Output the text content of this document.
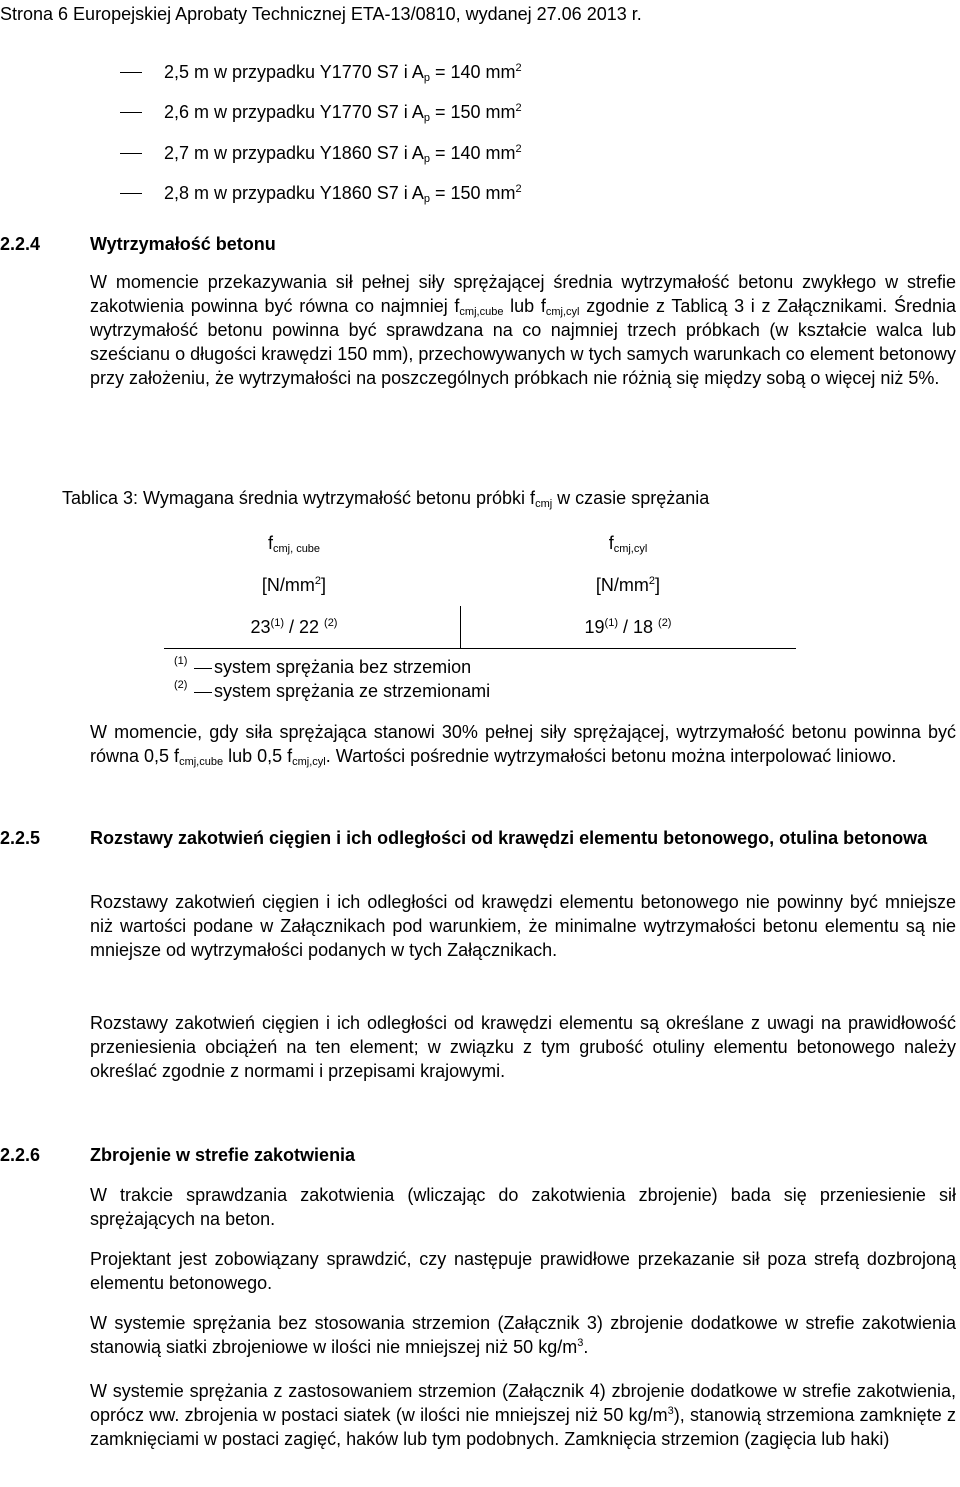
Strona 6 Europejskiej Aprobaty Technicznej ETA-13/0810, wydanej 27.06 2013 r.
2,5 m w przypadku Y1770 S7 i $A_p = 140$ $mm^2$
2,6 m w przypadku Y1770 S7 i $A_p = 150$ $mm^2$
2,7 m w przypadku Y1860 S7 i $A_p = 140$ $mm^2$
2,8 m w przypadku Y1860 S7 i $A_p = 150$ $mm^2$
2.2.4	Wytrzymałość betonu
W momencie przekazywania sił pełnej siły sprężającej średnia wytrzymałość betonu zwykłego w strefie zakotwienia powinna być równa co najmniej $f_{cmj,cube}$ lub $f_{cmj,cyl}$ zgodnie z Tablicą 3 i z Załącznikami. Średnia wytrzymałość betonu powinna być sprawdzana na co najmniej trzech próbkach (w kształcie walca lub sześcianu o długości krawędzi 150 mm), przechowywanych w tych samych warunkach co element betonowy przy założeniu, że wytrzymałości na poszczególnych próbkach nie różnią się między sobą o więcej niż 5%.
Tablica 3: Wymagana średnia wytrzymałość betonu próbki $f_{cmj}$ w czasie sprężania
$f_{cmj, cube}$	$f_{cmj,cyl}$
$[N/mm^2]$	$[N/mm^2]$
23$^{(1)}$ / 22 $^{(2)}$	19$^{(1)}$ / 18 $^{(2)}$
(1) system sprężania bez strzemion
(2) system sprężania ze strzemionami
W momencie, gdy siła sprężająca stanowi 30% pełnej siły sprężającej, wytrzymałość betonu powinna być równa 0,5 $f_{cmj,cube}$ lub 0,5 $f_{cmj,cyl}$. Wartości pośrednie wytrzymałości betonu można interpolować liniowo.
2.2.5	Rozstawy zakotwień cięgien i ich odległości od krawędzi elementu betonowego, otulina betonowa
Rozstawy zakotwień cięgien i ich odległości od krawędzi elementu betonowego nie powinny być mniejsze niż wartości podane w Załącznikach pod warunkiem, że minimalne wytrzymałości betonu elementu są nie mniejsze od wytrzymałości podanych w tych Załącznikach.
Rozstawy zakotwień cięgien i ich odległości od krawędzi elementu są określane z uwagi na prawidłowość przeniesienia obciążeń na ten element; w związku z tym grubość otuliny elementu betonowego należy określać zgodnie z normami i przepisami krajowymi.
2.2.6	Zbrojenie w strefie zakotwienia
W trakcie sprawdzania zakotwienia (wliczając do zakotwienia zbrojenie) bada się przeniesienie sił sprężających na beton.
Projektant jest zobowiązany sprawdzić, czy następuje prawidłowe przekazanie sił poza strefą dozbrojoną elementu betonowego.
W systemie sprężania bez stosowania strzemion (Załącznik 3) zbrojenie dodatkowe w strefie zakotwienia stanowią siatki zbrojeniowe w ilości nie mniejszej niż 50 $kg/m^3$.
W systemie sprężania z zastosowaniem strzemion (Załącznik 4) zbrojenie dodatkowe w strefie zakotwienia, oprócz ww. zbrojenia w postaci siatek (w ilości nie mniejszej niż 50 $kg/m^3$), stanowią strzemiona zamknięte z zamknięciami w postaci zagięć, haków lub tym podobnych. Zamknięcia strzemion (zagięcia lub haki)
